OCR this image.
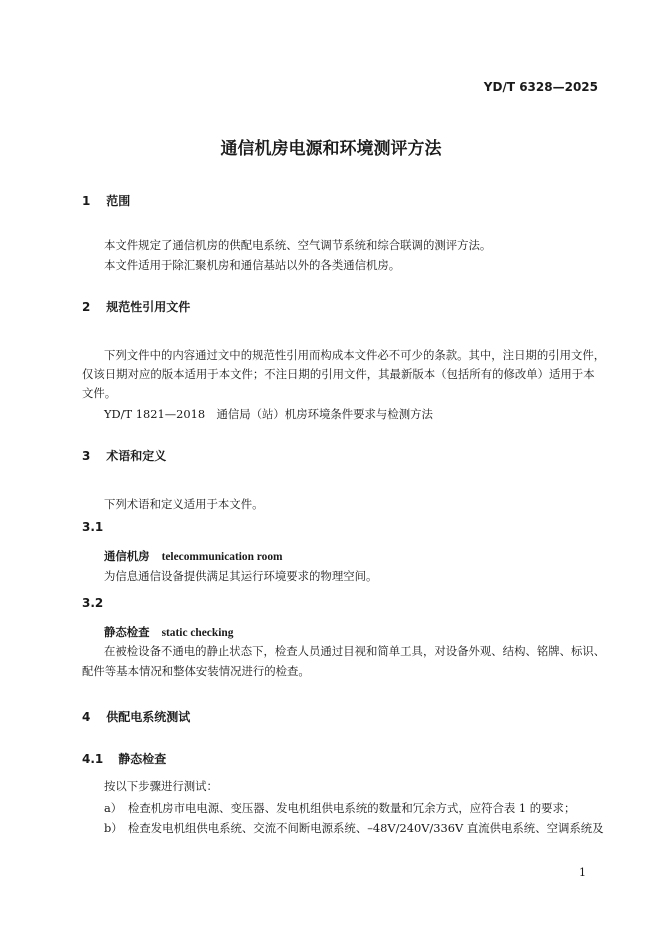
YD/T 6328—2025
通信机房电源和环境测评方法
1 范围
本文件规定了通信机房的供配电系统、空气调节系统和综合联调的测评方法。
本文件适用于除汇聚机房和通信基站以外的各类通信机房。
2 规范性引用文件
下列文件中的内容通过文中的规范性引用而构成本文件必不可少的条款。其中，注日期的引用文件，
仅该日期对应的版本适用于本文件；不注日期的引用文件，其最新版本（包括所有的修改单）适用于本
文件。
YD/T 1821—2018　通信局（站）机房环境条件要求与检测方法
3 术语和定义
下列术语和定义适用于本文件。
3.1
通信机房 telecommunication room
为信息通信设备提供满足其运行环境要求的物理空间。
3.2
静态检查 static checking
在被检设备不通电的静止状态下，检查人员通过目视和简单工具，对设备外观、结构、铭牌、标识、
配件等基本情况和整体安装情况进行的检查。
4 供配电系统测试
4.1 静态检查
按以下步骤进行测试：
a） 检查机房市电电源、变压器、发电机组供电系统的数量和冗余方式，应符合表 1 的要求；
b） 检查发电机组供电系统、交流不间断电源系统、–48V/240V/336V 直流供电系统、空调系统及
1
